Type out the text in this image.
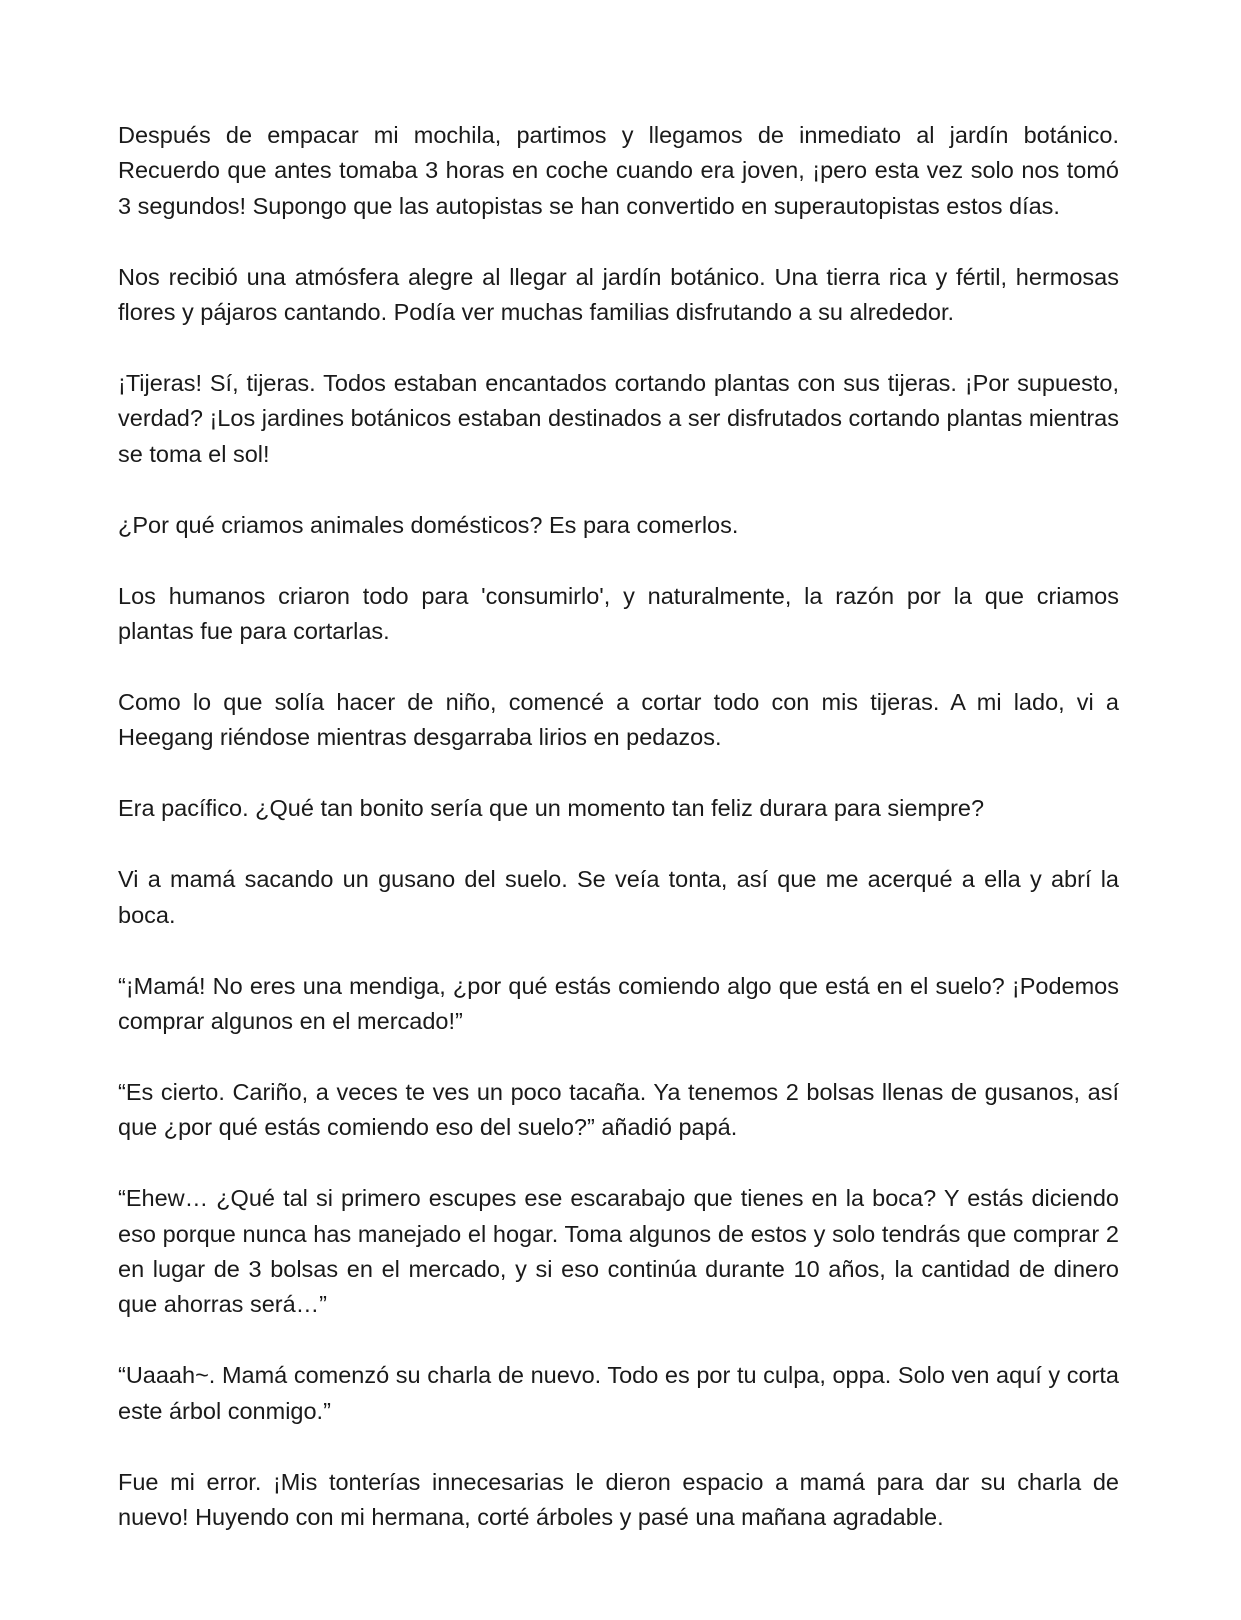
Después de empacar mi mochila, partimos y llegamos de inmediato al jardín botánico. Recuerdo que antes tomaba 3 horas en coche cuando era joven, ¡pero esta vez solo nos tomó 3 segundos! Supongo que las autopistas se han convertido en superautopistas estos días.

Nos recibió una atmósfera alegre al llegar al jardín botánico. Una tierra rica y fértil, hermosas flores y pájaros cantando. Podía ver muchas familias disfrutando a su alrededor.

¡Tijeras! Sí, tijeras. Todos estaban encantados cortando plantas con sus tijeras. ¡Por supuesto, verdad? ¡Los jardines botánicos estaban destinados a ser disfrutados cortando plantas mientras se toma el sol!

¿Por qué criamos animales domésticos? Es para comerlos.

Los humanos criaron todo para 'consumirlo', y naturalmente, la razón por la que criamos plantas fue para cortarlas.

Como lo que solía hacer de niño, comencé a cortar todo con mis tijeras. A mi lado, vi a Heegang riéndose mientras desgarraba lirios en pedazos.

Era pacífico. ¿Qué tan bonito sería que un momento tan feliz durara para siempre?

Vi a mamá sacando un gusano del suelo. Se veía tonta, así que me acerqué a ella y abrí la boca.

“¡Mamá! No eres una mendiga, ¿por qué estás comiendo algo que está en el suelo? ¡Podemos comprar algunos en el mercado!”

“Es cierto. Cariño, a veces te ves un poco tacaña. Ya tenemos 2 bolsas llenas de gusanos, así que ¿por qué estás comiendo eso del suelo?” añadió papá.

“Ehew… ¿Qué tal si primero escupes ese escarabajo que tienes en la boca? Y estás diciendo eso porque nunca has manejado el hogar. Toma algunos de estos y solo tendrás que comprar 2 en lugar de 3 bolsas en el mercado, y si eso continúa durante 10 años, la cantidad de dinero que ahorras será…”

“Uaaah~. Mamá comenzó su charla de nuevo. Todo es por tu culpa, oppa. Solo ven aquí y corta este árbol conmigo.”

Fue mi error. ¡Mis tonterías innecesarias le dieron espacio a mamá para dar su charla de nuevo! Huyendo con mi hermana, corté árboles y pasé una mañana agradable.
